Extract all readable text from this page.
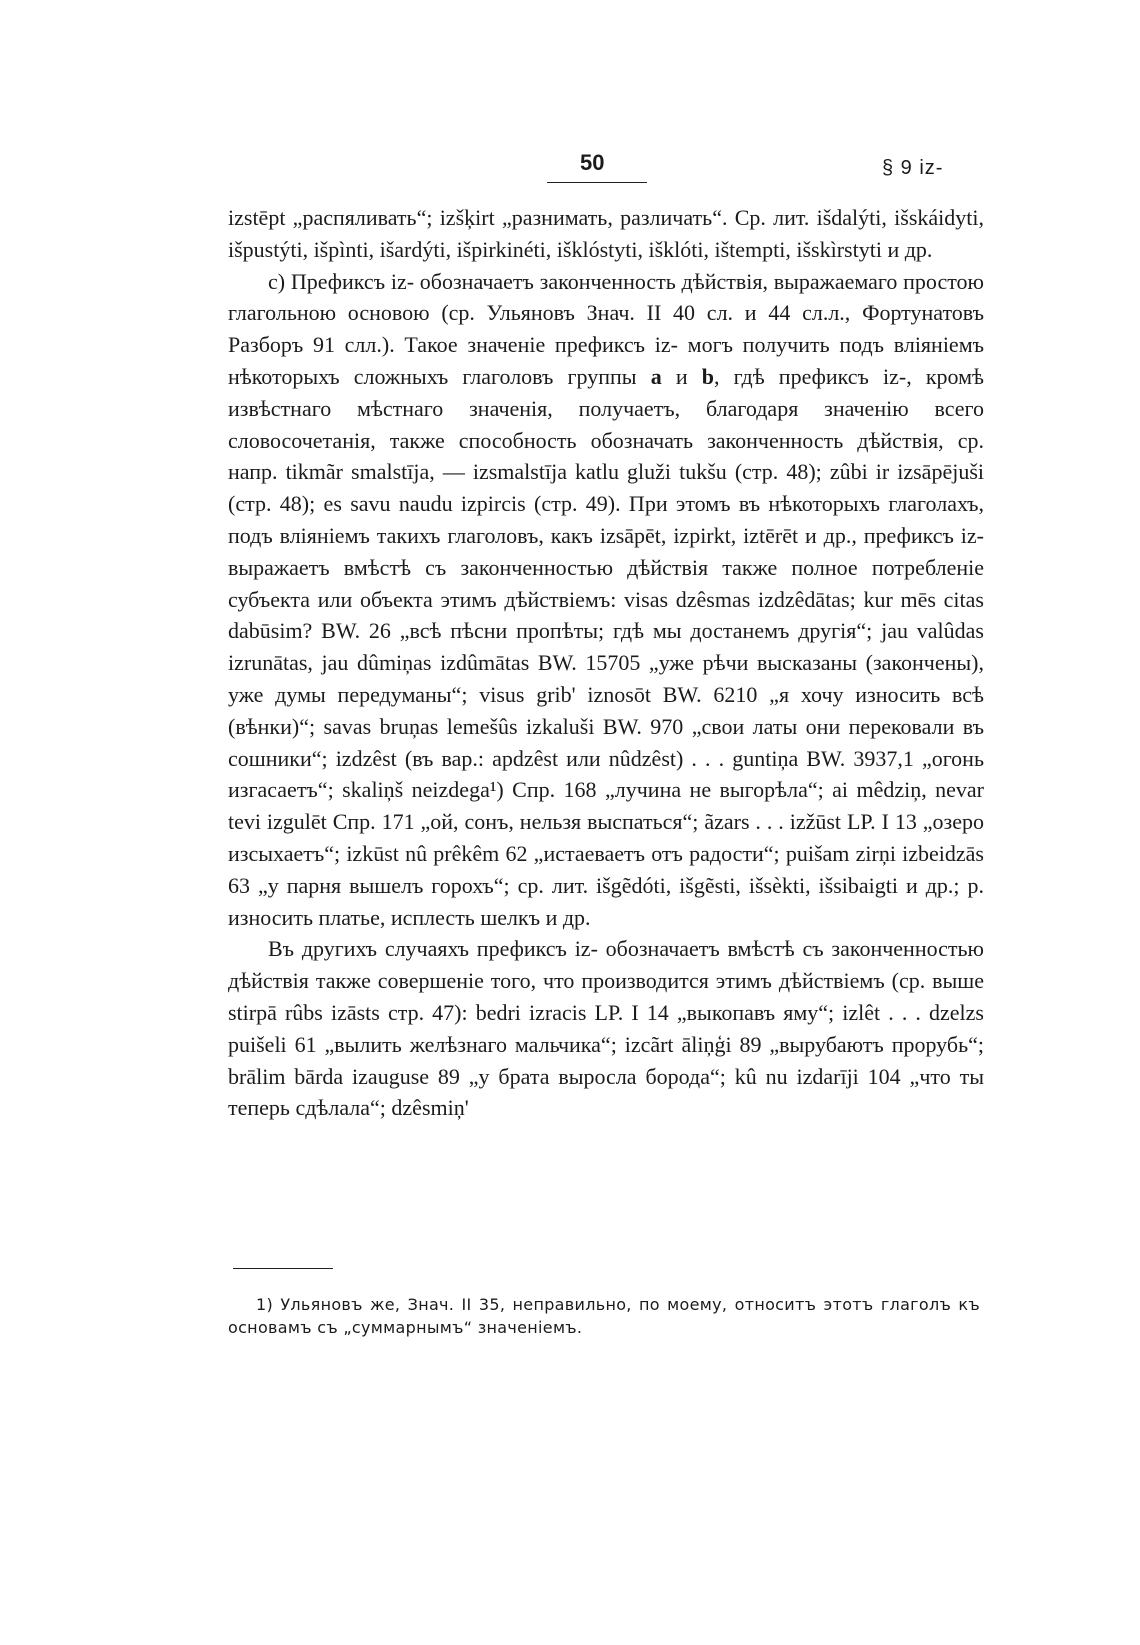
50	§ 9 iz-

izstēpt „распяливать“; izšķirt „разнимать, различать“. Ср. лит. išdalýti, išskáidyti, išpustýti, išpìnti, išardýti, išpirkinéti, išklóstyti, išklóti, ištempti, išskìrstyti и др.

c) Префиксъ iz- обозначаетъ законченность дѣйствія, выражаемаго простою глагольною основою (ср. Ульяновъ Знач. II 40 сл. и 44 сл.л., Фортунатовъ Разборъ 91 слл.). Такое значеніе префиксъ iz- могъ получить подъ вліяніемъ нѣкоторыхъ сложныхъ глаголовъ группы a и b, гдѣ префиксъ iz-, кромѣ извѣстнаго мѣстнаго значенія, получаетъ, благодаря значенію всего словосочетанія, также способность обозначать законченность дѣйствія, ср. напр. tikmãr smalstīja, — izsmalstīja katlu gluži tukšu (стр. 48); zûbi ir izsāpējuši (стр. 48); es savu naudu izpircis (стр. 49). При этомъ въ нѣкоторыхъ глаголахъ, подъ вліяніемъ такихъ глаголовъ, какъ izsāpēt, izpirkt, iztērēt и др., префиксъ iz- выражаетъ вмѣстѣ съ законченностью дѣйствія также полное потребленіе субъекта или объекта этимъ дѣйствіемъ: visas dzêsmas izdzêdātas; kur mēs citas dabūsim? BW. 26 „всѣ пѣсни пропѣты; гдѣ мы достанемъ другія“; jau valûdas izrunātas, jau dûmiņas izdûmātas BW. 15705 „уже рѣчи высказаны (закончены), уже думы передуманы“; visus grib' iznosōt BW. 6210 „я хочу износить всѣ (вѣнки)“; savas bruņas lemešûs izkaluši BW. 970 „свои латы они перековали въ сошники“; izdzêst (въ вар.: apdzêst или nûdzêst) . . . guntiņa BW. 3937,1 „огонь изгасаетъ“; skaliņš neizdega¹) Спр. 168 „лучина не выгорѣла“; ai mêdziņ, nevar tevi izgulēt Спр. 171 „ой, сонъ, нельзя выспаться“; ãzars . . . izžūst LP. I 13 „озеро изсыхаетъ“; izkūst nû prêkêm 62 „истаеваетъ отъ радости“; puišam zirņi izbeidzās 63 „у парня вышелъ горохъ“; ср. лит. išgẽdóti, išgẽsti, išsèkti, išsibaigti и др.; р. износить платье, исплесть шелкъ и др.

Въ другихъ случаяхъ префиксъ iz- обозначаетъ вмѣстѣ съ законченностью дѣйствія также совершеніе того, что производится этимъ дѣйствіемъ (ср. выше stirpā rûbs izāsts стр. 47): bedri izracis LP. I 14 „выкопавъ яму“; izlêt . . . dzelzs puišeli 61 „вылить желѣзнаго мальчика“; izcãrt āliņģi 89 „вырубаютъ прорубь“; brālim bārda izauguse 89 „у брата выросла борода“; kû nu izdarīji 104 „что ты теперь сдѣлала“; dzêsmiņ'

1) Ульяновъ же, Знач. II 35, неправильно, по моему, относитъ этотъ глаголъ къ основамъ съ „суммарнымъ“ значеніемъ.
